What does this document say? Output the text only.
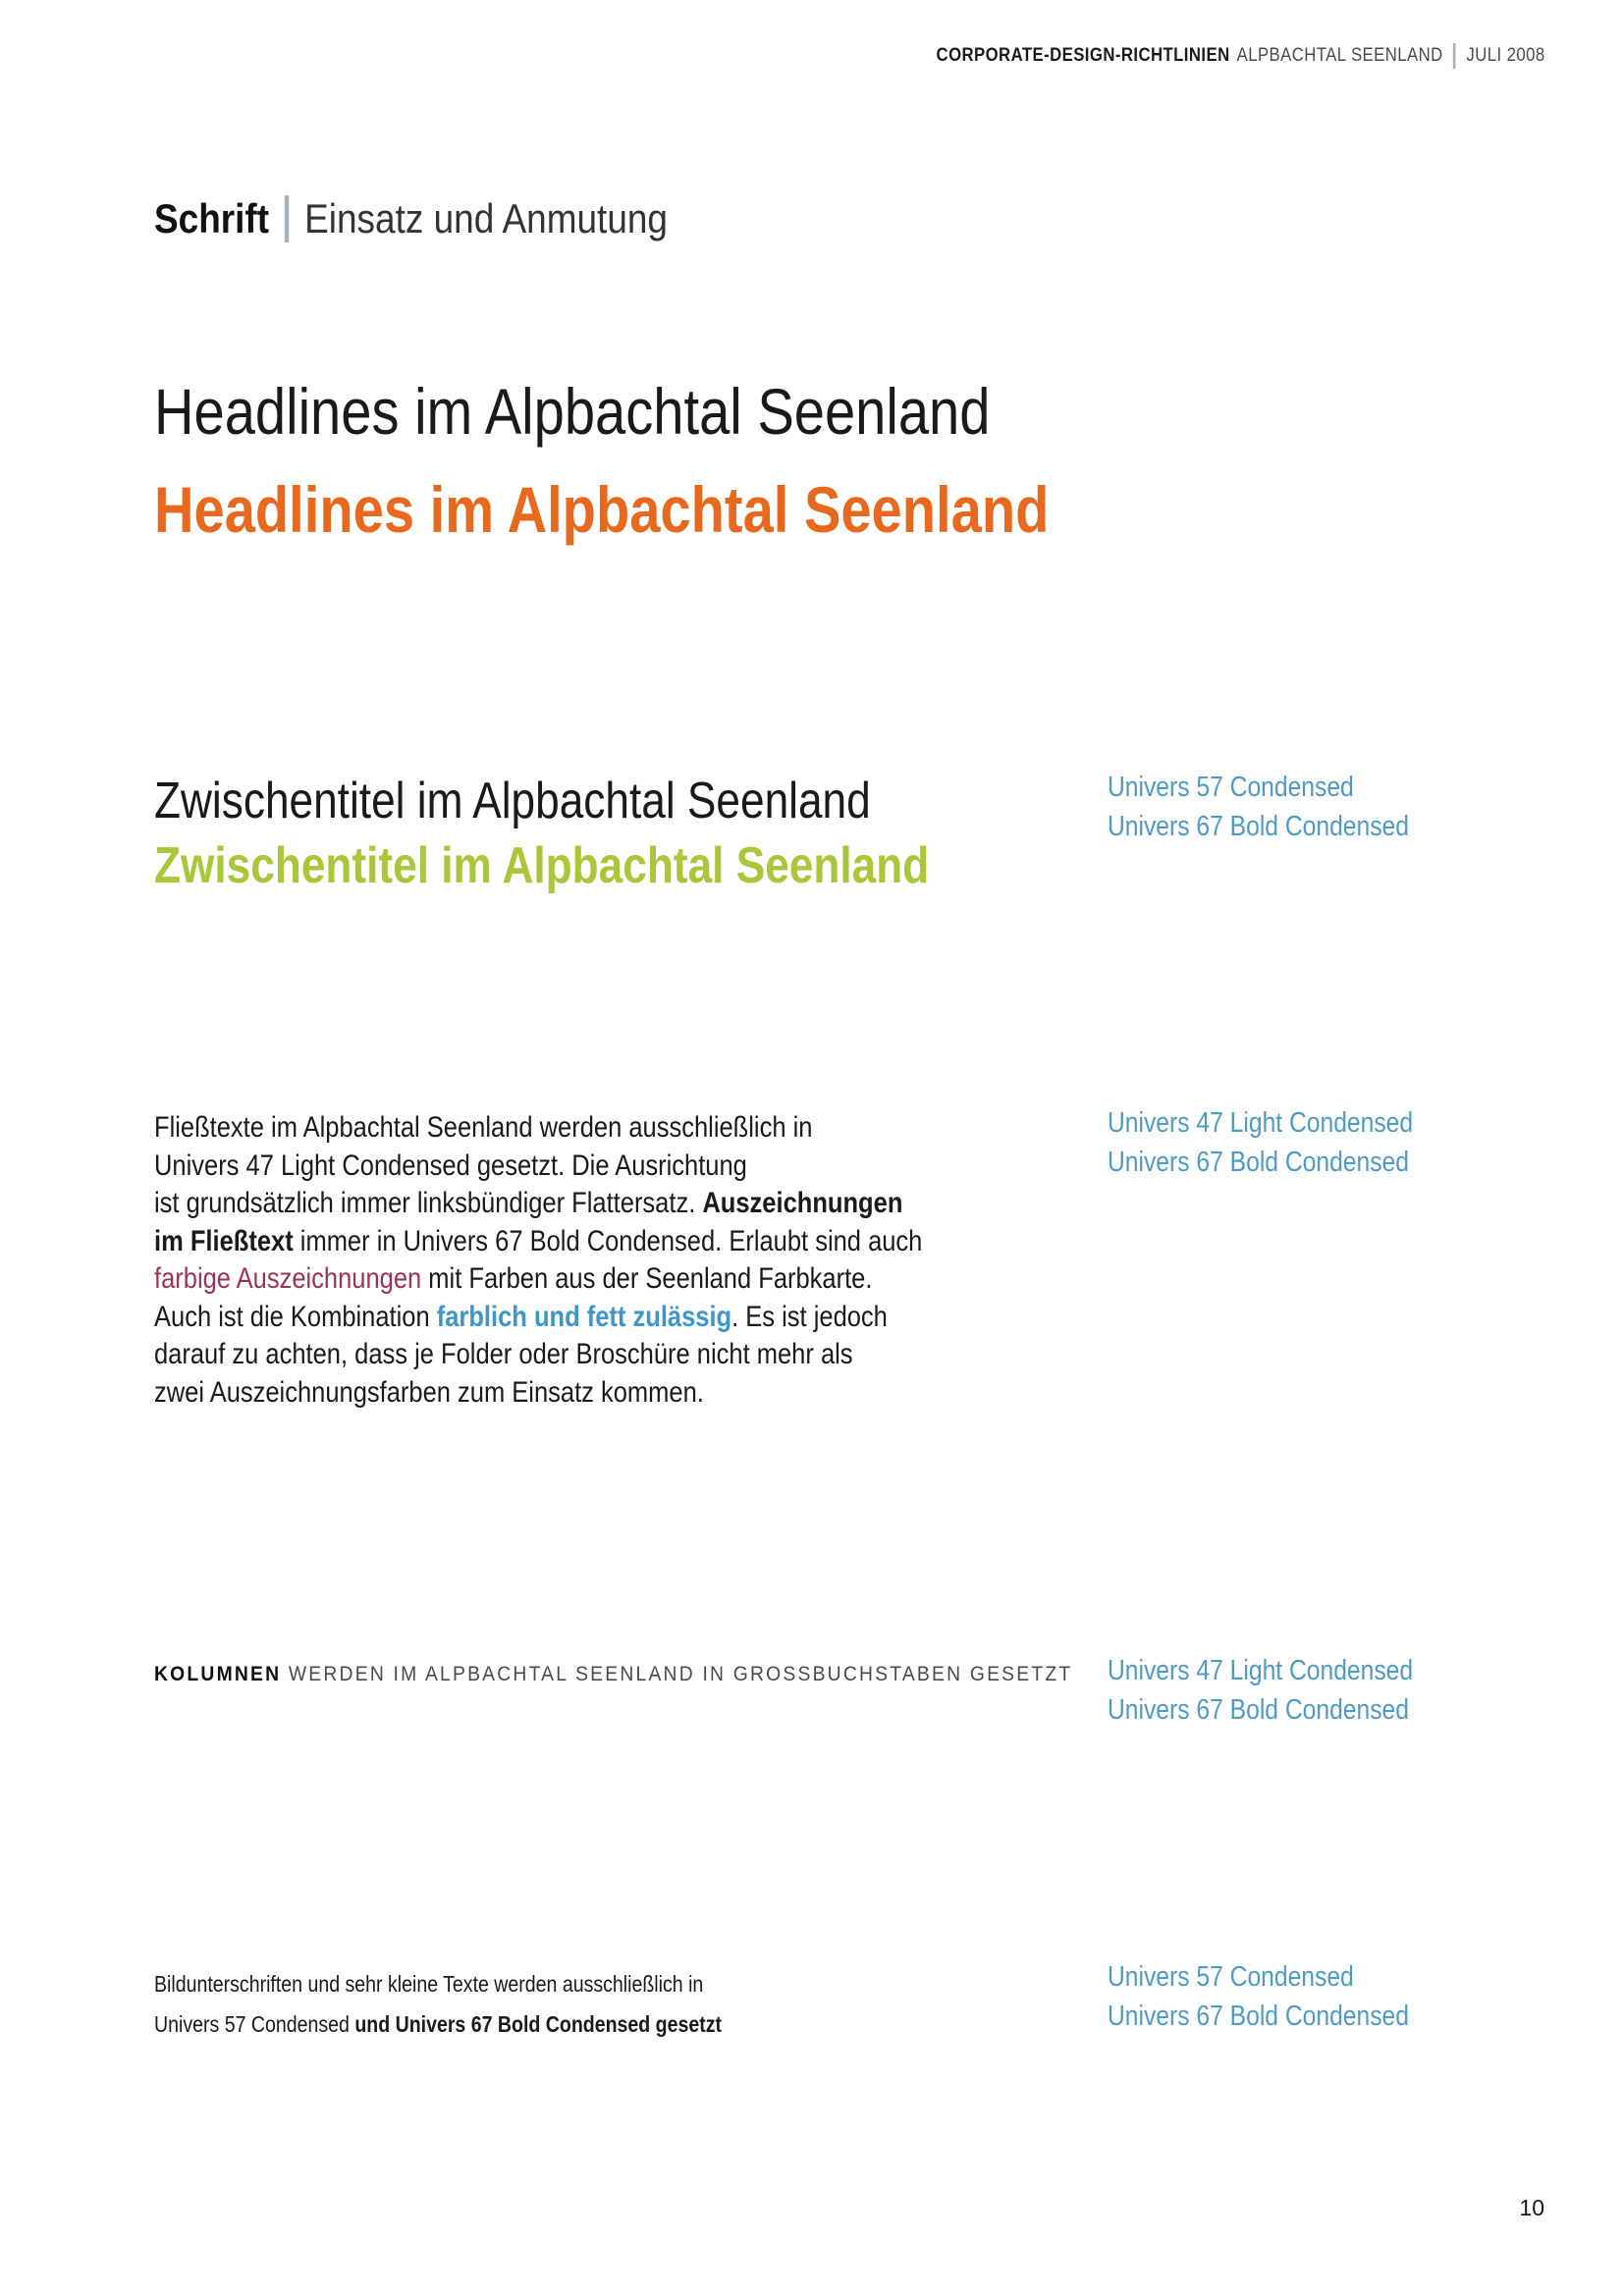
CORPORATE-DESIGN-RICHTLINIEN ALPBACHTAL SEENLAND JULI 2008
Schrift Einsatz und Anmutung
Headlines im Alpbachtal Seenland
Headlines im Alpbachtal Seenland
Zwischentitel im Alpbachtal Seenland
Zwischentitel im Alpbachtal Seenland
Univers 57 Condensed
Univers 67 Bold Condensed
Univers 47 Light Condensed
Univers 67 Bold Condensed
Univers 47 Light Condensed
Univers 67 Bold Condensed
Univers 57 Condensed
Univers 67 Bold Condensed
Fließtexte im Alpbachtal Seenland werden ausschließlich in
Univers 47 Light Condensed gesetzt. Die Ausrichtung
ist grundsätzlich immer linksbündiger Flattersatz. Auszeichnungen
im Fließtext immer in Univers 67 Bold Condensed. Erlaubt sind auch
farbige Auszeichnungen mit Farben aus der Seenland Farbkarte.
Auch ist die Kombination farblich und fett zulässig. Es ist jedoch
darauf zu achten, dass je Folder oder Broschüre nicht mehr als
zwei Auszeichnungsfarben zum Einsatz kommen.
KOLUMNEN WERDEN IM ALPBACHTAL SEENLAND IN GROSSBUCHSTABEN GESETZT
Bildunterschriften und sehr kleine Texte werden ausschließlich in
Univers 57 Condensed und Univers 67 Bold Condensed gesetzt
10
